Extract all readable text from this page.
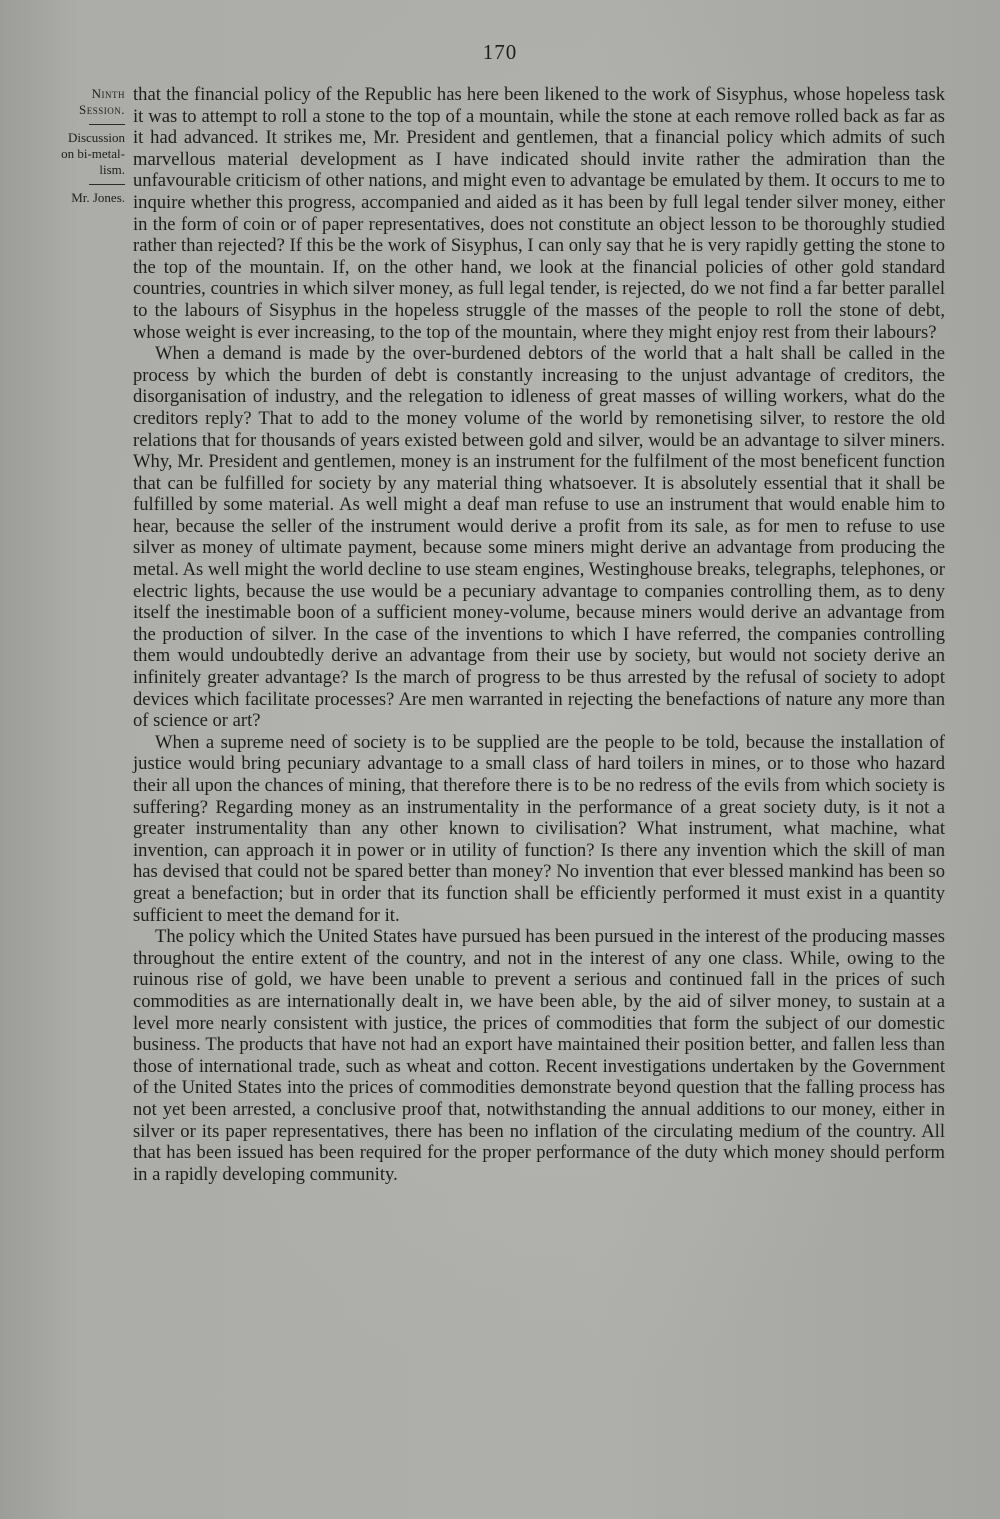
170
Ninth
Session.
Discussion
on bi-metal-
lism.
Mr. Jones.

that the financial policy of the Republic has here been likened to the work of Sisyphus, whose hopeless task it was to attempt to roll a stone to the top of a mountain, while the stone at each remove rolled back as far as it had advanced. It strikes me, Mr. President and gentlemen, that a financial policy which admits of such marvellous material development as I have indicated should invite rather the admiration than the unfavourable criticism of other nations, and might even to advantage be emulated by them. It occurs to me to inquire whether this progress, accompanied and aided as it has been by full legal tender silver money, either in the form of coin or of paper representatives, does not constitute an object lesson to be thoroughly studied rather than rejected? If this be the work of Sisyphus, I can only say that he is very rapidly getting the stone to the top of the mountain. If, on the other hand, we look at the financial policies of other gold standard countries, countries in which silver money, as full legal tender, is rejected, do we not find a far better parallel to the labours of Sisyphus in the hopeless struggle of the masses of the people to roll the stone of debt, whose weight is ever increasing, to the top of the mountain, where they might enjoy rest from their labours?

When a demand is made by the over-burdened debtors of the world that a halt shall be called in the process by which the burden of debt is constantly increasing to the unjust advantage of creditors, the disorganisation of industry, and the relegation to idleness of great masses of willing workers, what do the creditors reply? That to add to the money volume of the world by remonetising silver, to restore the old relations that for thousands of years existed between gold and silver, would be an advantage to silver miners. Why, Mr. President and gentlemen, money is an instrument for the fulfilment of the most beneficent function that can be fulfilled for society by any material thing whatsoever. It is absolutely essential that it shall be fulfilled by some material. As well might a deaf man refuse to use an instrument that would enable him to hear, because the seller of the instrument would derive a profit from its sale, as for men to refuse to use silver as money of ultimate payment, because some miners might derive an advantage from producing the metal. As well might the world decline to use steam engines, Westinghouse breaks, telegraphs, telephones, or electric lights, because the use would be a pecuniary advantage to companies controlling them, as to deny itself the inestimable boon of a sufficient money-volume, because miners would derive an advantage from the production of silver. In the case of the inventions to which I have referred, the companies controlling them would undoubtedly derive an advantage from their use by society, but would not society derive an infinitely greater advantage? Is the march of progress to be thus arrested by the refusal of society to adopt devices which facilitate processes? Are men warranted in rejecting the benefactions of nature any more than of science or art?

When a supreme need of society is to be supplied are the people to be told, because the installation of justice would bring pecuniary advantage to a small class of hard toilers in mines, or to those who hazard their all upon the chances of mining, that therefore there is to be no redress of the evils from which society is suffering? Regarding money as an instrumentality in the performance of a great society duty, is it not a greater instrumentality than any other known to civilisation? What instrument, what machine, what invention, can approach it in power or in utility of function? Is there any invention which the skill of man has devised that could not be spared better than money? No invention that ever blessed mankind has been so great a benefaction; but in order that its function shall be efficiently performed it must exist in a quantity sufficient to meet the demand for it.

The policy which the United States have pursued has been pursued in the interest of the producing masses throughout the entire extent of the country, and not in the interest of any one class. While, owing to the ruinous rise of gold, we have been unable to prevent a serious and continued fall in the prices of such commodities as are internationally dealt in, we have been able, by the aid of silver money, to sustain at a level more nearly consistent with justice, the prices of commodities that form the subject of our domestic business. The products that have not had an export have maintained their position better, and fallen less than those of international trade, such as wheat and cotton. Recent investigations undertaken by the Government of the United States into the prices of commodities demonstrate beyond question that the falling process has not yet been arrested, a conclusive proof that, notwithstanding the annual additions to our money, either in silver or its paper representatives, there has been no inflation of the circulating medium of the country. All that has been issued has been required for the proper performance of the duty which money should perform in a rapidly developing community.
